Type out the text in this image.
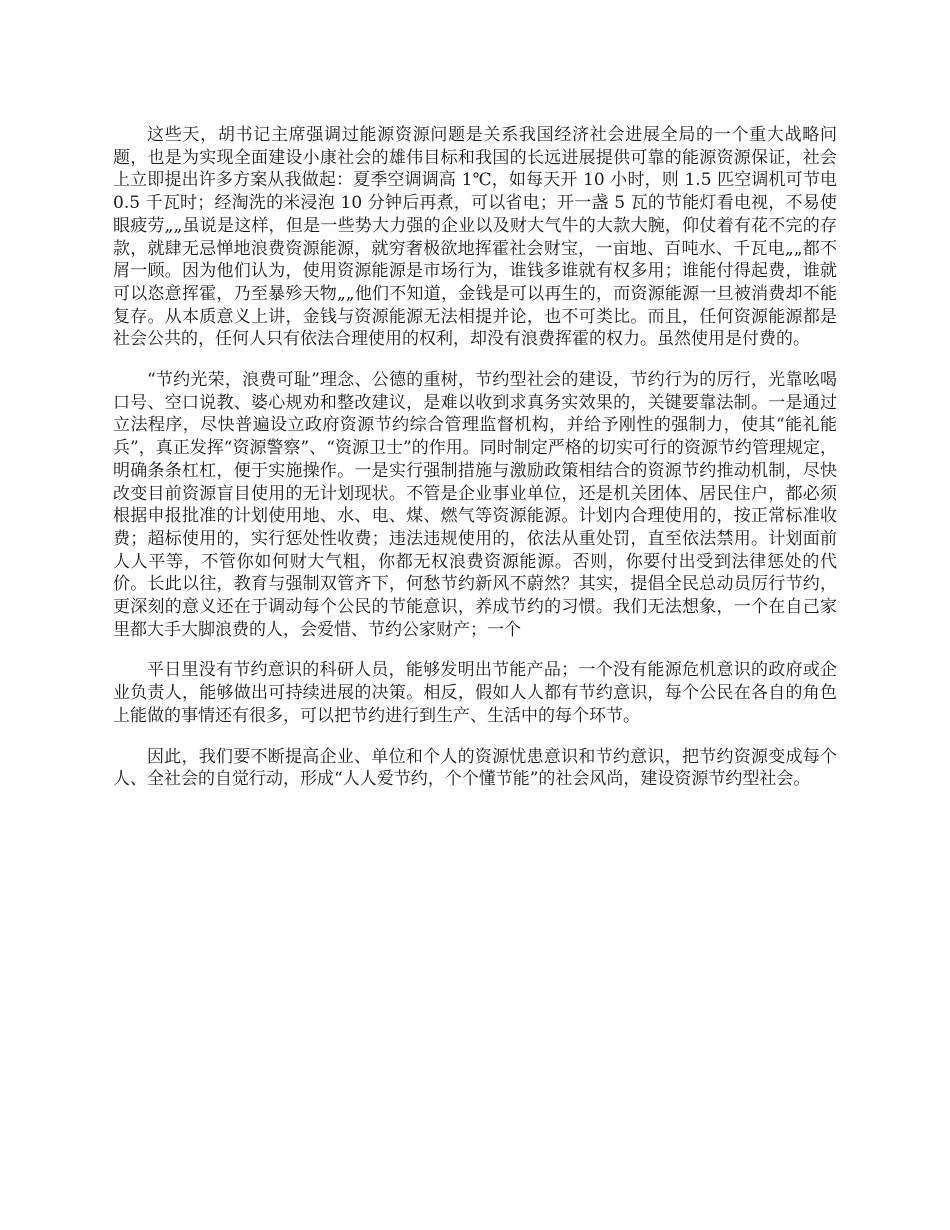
这些天，胡书记主席强调过能源资源问题是关系我国经济社会进展全局的一个重大战略问题，也是为实现全面建设小康社会的雄伟目标和我国的长远进展提供可靠的能源资源保证，社会上立即提出许多方案从我做起：夏季空调调高 1℃，如每天开 10 小时，则 1.5 匹空调机可节电 0.5 千瓦时；经淘洗的米浸泡 10 分钟后再煮，可以省电；开一盏 5 瓦的节能灯看电视，不易使眼疲劳„„虽说是这样，但是一些势大力强的企业以及财大气牛的大款大腕，仰仗着有花不完的存款，就肆无忌惮地浪费资源能源，就穷奢极欲地挥霍社会财宝，一亩地、百吨水、千瓦电„„都不屑一顾。因为他们认为，使用资源能源是市场行为，谁钱多谁就有权多用；谁能付得起费，谁就可以恣意挥霍，乃至暴殄天物„„他们不知道，金钱是可以再生的，而资源能源一旦被消费却不能复存。从本质意义上讲，金钱与资源能源无法相提并论，也不可类比。而且，任何资源能源都是社会公共的，任何人只有依法合理使用的权利，却没有浪费挥霍的权力。虽然使用是付费的。

“节约光荣，浪费可耻”理念、公德的重树，节约型社会的建设，节约行为的厉行，光靠吆喝口号、空口说教、婆心规劝和整改建议，是难以收到求真务实效果的，关键要靠法制。一是通过立法程序，尽快普遍设立政府资源节约综合管理监督机构，并给予刚性的强制力，使其“能礼能兵”，真正发挥“资源警察”、“资源卫士”的作用。同时制定严格的切实可行的资源节约管理规定，明确条条杠杠，便于实施操作。一是实行强制措施与激励政策相结合的资源节约推动机制，尽快改变目前资源盲目使用的无计划现状。不管是企业事业单位，还是机关团体、居民住户，都必须根据申报批准的计划使用地、水、电、煤、燃气等资源能源。计划内合理使用的，按正常标准收费；超标使用的，实行惩处性收费；违法违规使用的，依法从重处罚，直至依法禁用。计划面前人人平等，不管你如何财大气粗，你都无权浪费资源能源。否则，你要付出受到法律惩处的代价。长此以往，教育与强制双管齐下，何愁节约新风不蔚然？其实，提倡全民总动员厉行节约，更深刻的意义还在于调动每个公民的节能意识，养成节约的习惯。我们无法想象，一个在自己家里都大手大脚浪费的人，会爱惜、节约公家财产；一个

平日里没有节约意识的科研人员，能够发明出节能产品；一个没有能源危机意识的政府或企业负责人，能够做出可持续进展的决策。相反，假如人人都有节约意识，每个公民在各自的角色上能做的事情还有很多，可以把节约进行到生产、生活中的每个环节。

因此，我们要不断提高企业、单位和个人的资源忧患意识和节约意识，把节约资源变成每个人、全社会的自觉行动，形成“人人爱节约，个个懂节能”的社会风尚，建设资源节约型社会。
